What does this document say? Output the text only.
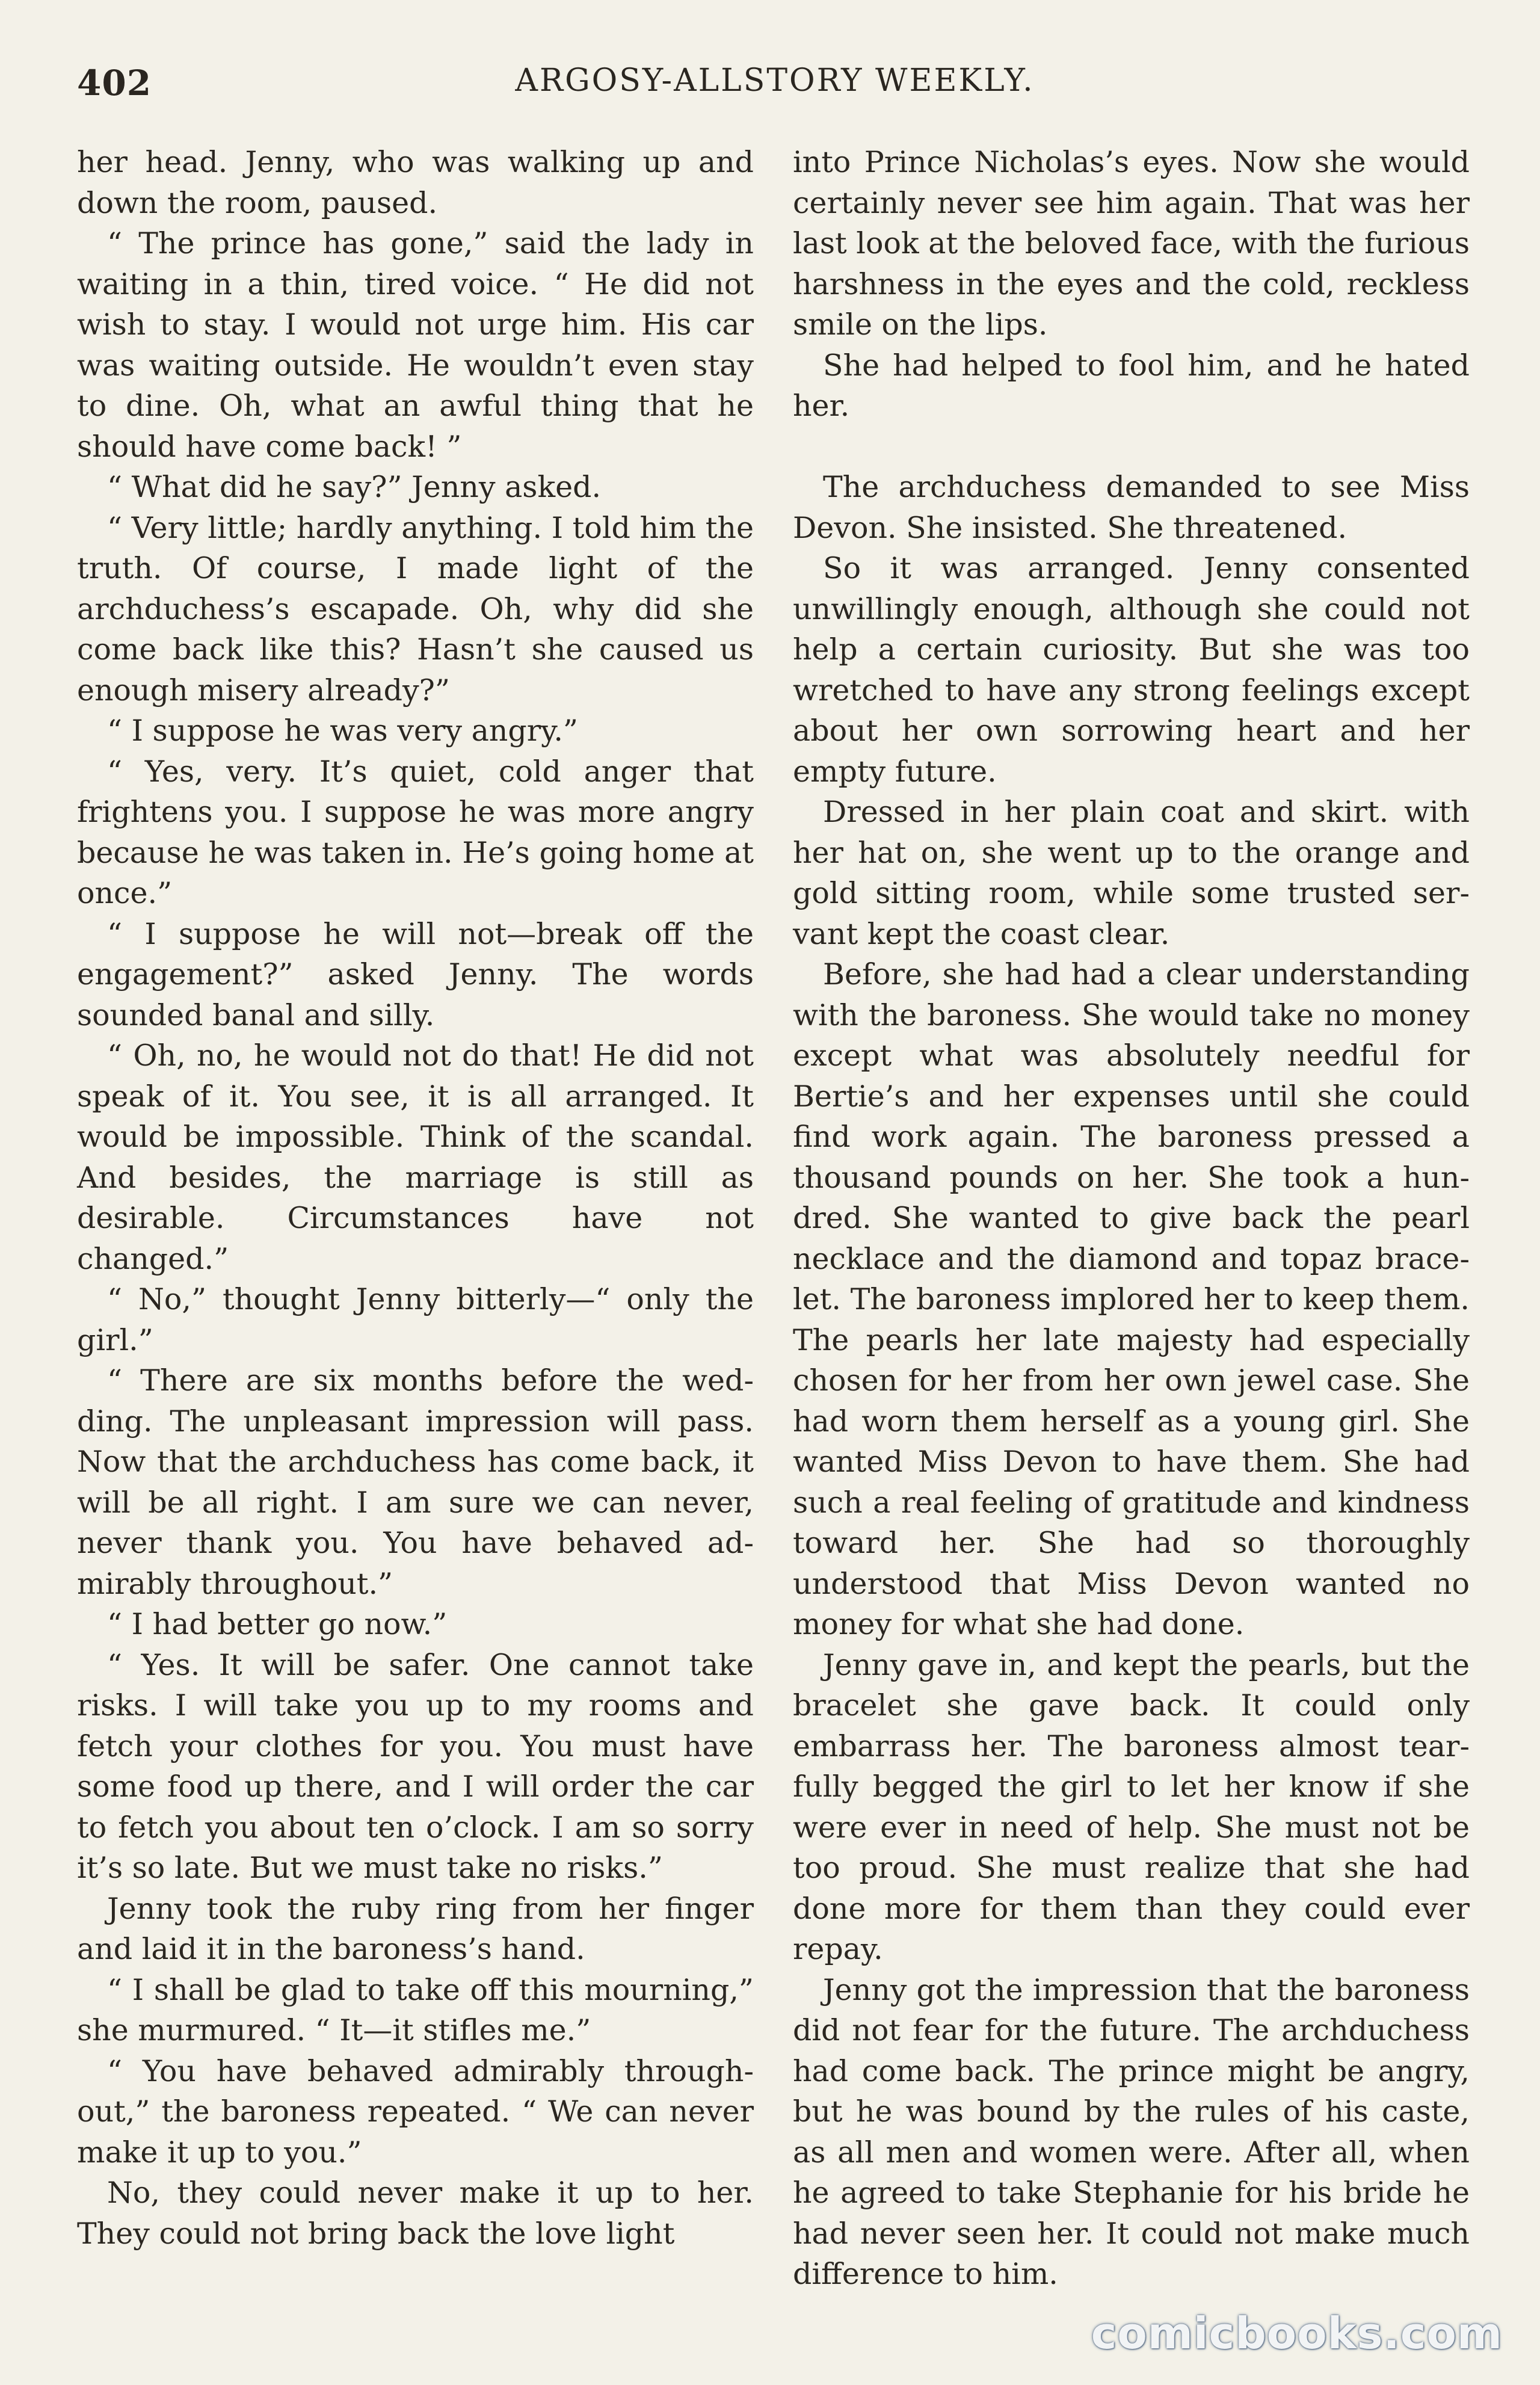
402	ARGOSY-ALLSTORY WEEKLY.

her head. Jenny, who was walking up and down the room, paused.

“ The prince has gone,” said the lady in waiting in a thin, tired voice. “ He did not wish to stay. I would not urge him. His car was waiting outside. He wouldn’t even stay to dine. Oh, what an awful thing that he should have come back! ”

“ What did he say?” Jenny asked.

“ Very little; hardly anything. I told him the truth. Of course, I made light of the archduchess’s escapade. Oh, why did she come back like this? Hasn’t she caused us enough misery already?”

“ I suppose he was very angry.”

“ Yes, very. It’s quiet, cold anger that frightens you. I suppose he was more angry because he was taken in. He’s going home at once.”

“ I suppose he will not—break off the engagement?” asked Jenny. The words sounded banal and silly.

“ Oh, no, he would not do that! He did not speak of it. You see, it is all arranged. It would be impossible. Think of the scandal. And besides, the marriage is still as desirable. Circumstances have not changed.”

“ No,” thought Jenny bitterly—“ only the girl.”

“ There are six months before the wedding. The unpleasant impression will pass. Now that the archduchess has come back, it will be all right. I am sure we can never, never thank you. You have behaved admirably throughout.”

“ I had better go now.”

“ Yes. It will be safer. One cannot take risks. I will take you up to my rooms and fetch your clothes for you. You must have some food up there, and I will order the car to fetch you about ten o’clock. I am so sorry it’s so late. But we must take no risks.”

Jenny took the ruby ring from her finger and laid it in the baroness’s hand.

“ I shall be glad to take off this mourning,” she murmured. “ It—it stifles me.”

“ You have behaved admirably throughout,” the baroness repeated. “ We can never make it up to you.”

No, they could never make it up to her. They could not bring back the love light

into Prince Nicholas’s eyes. Now she would certainly never see him again. That was her last look at the beloved face, with the furious harshness in the eyes and the cold, reckless smile on the lips.

She had helped to fool him, and he hated her.

The archduchess demanded to see Miss Devon. She insisted. She threatened.

So it was arranged. Jenny consented unwillingly enough, although she could not help a certain curiosity. But she was too wretched to have any strong feelings except about her own sorrowing heart and her empty future.

Dressed in her plain coat and skirt. with her hat on, she went up to the orange and gold sitting room, while some trusted servant kept the coast clear.

Before, she had had a clear understanding with the baroness. She would take no money except what was absolutely needful for Bertie’s and her expenses until she could find work again. The baroness pressed a thousand pounds on her. She took a hundred. She wanted to give back the pearl necklace and the diamond and topaz bracelet. The baroness implored her to keep them. The pearls her late majesty had especially chosen for her from her own jewel case. She had worn them herself as a young girl. She wanted Miss Devon to have them. She had such a real feeling of gratitude and kindness toward her. She had so thoroughly understood that Miss Devon wanted no money for what she had done.

Jenny gave in, and kept the pearls, but the bracelet she gave back. It could only embarrass her. The baroness almost tearfully begged the girl to let her know if she were ever in need of help. She must not be too proud. She must realize that she had done more for them than they could ever repay.

Jenny got the impression that the baroness did not fear for the future. The archduchess had come back. The prince might be angry, but he was bound by the rules of his caste, as all men and women were. After all, when he agreed to take Stephanie for his bride he had never seen her. It could not make much difference to him.

comicbooks.com
